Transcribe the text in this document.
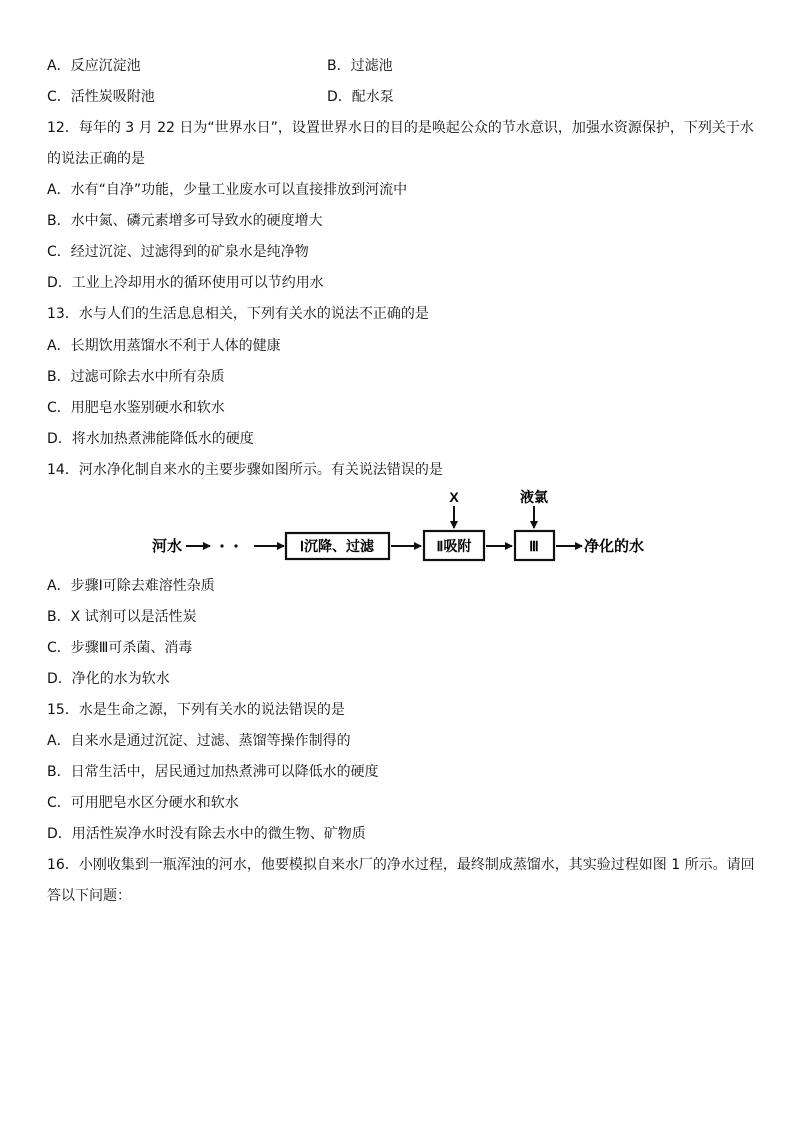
A．反应沉淀池	B．过滤池
C．活性炭吸附池	D．配水泵
12．每年的 3 月 22 日为“世界水日”，设置世界水日的目的是唤起公众的节水意识，加强水资源保护，下列关于水
的说法正确的是
A．水有“自净”功能，少量工业废水可以直接排放到河流中
B．水中氮、磷元素增多可导致水的硬度增大
C．经过沉淀、过滤得到的矿泉水是纯净物
D．工业上冷却用水的循环使用可以节约用水
13．水与人们的生活息息相关，下列有关水的说法不正确的是
A．长期饮用蒸馏水不利于人体的健康
B．过滤可除去水中所有杂质
C．用肥皂水鉴别硬水和软水
D．将水加热煮沸能降低水的硬度
14．河水净化制自来水的主要步骤如图所示。有关说法错误的是
河水	Ⅰ沉降、过滤	Ⅱ吸附
X
Ⅲ
液氯
净化的水
A．步骤Ⅰ可除去难溶性杂质
B．X 试剂可以是活性炭
C．步骤Ⅲ可杀菌、消毒
D．净化的水为软水
15．水是生命之源，下列有关水的说法错误的是
A．自来水是通过沉淀、过滤、蒸馏等操作制得的
B．日常生活中，居民通过加热煮沸可以降低水的硬度
C．可用肥皂水区分硬水和软水
D．用活性炭净水时没有除去水中的微生物、矿物质
16．小刚收集到一瓶浑浊的河水，他要模拟自来水厂的净水过程，最终制成蒸馏水，其实验过程如图 1 所示。请回
答以下问题：
